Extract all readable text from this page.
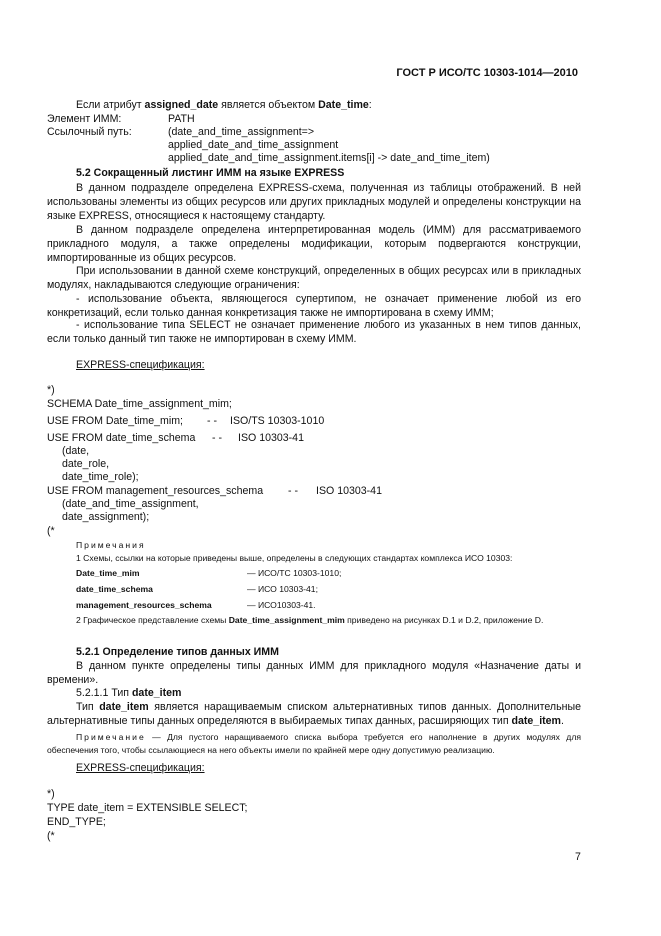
ГОСТ Р ИСО/ТС 10303-1014—2010
Если атрибут assigned_date является объектом Date_time:
Элемент ИММ:	PATH
Ссылочный путь:	(date_and_time_assignment=>
applied_date_and_time_assignment
applied_date_and_time_assignment.items[i] -> date_and_time_item)
5.2 Сокращенный листинг ИММ на языке EXPRESS
В данном подразделе определена EXPRESS-схема, полученная из таблицы отображений. В ней использованы элементы из общих ресурсов или других прикладных модулей и определены конструкции на языке EXPRESS, относящиеся к настоящему стандарту.
В данном подразделе определена интерпретированная модель (ИММ) для рассматриваемого прикладного модуля, а также определены модификации, которым подвергаются конструкции, импортированные из общих ресурсов.
При использовании в данной схеме конструкций, определенных в общих ресурсах или в прикладных модулях, накладываются следующие ограничения:
- использование объекта, являющегося супертипом, не означает применение любой из его конкретизаций, если только данная конкретизация также не импортирована в схему ИММ;
- использование типа SELECT не означает применение любого из указанных в нем типов данных, если только данный тип также не импортирован в схему ИММ.
EXPRESS-спецификация:
*)
SCHEMA Date_time_assignment_mim;
USE FROM Date_time_mim; - - ISO/TS 10303-1010
USE FROM date_time_schema - - ISO 10303-41
(date,
date_role,
date_time_role);
USE FROM management_resources_schema - - ISO 10303-41
(date_and_time_assignment,
date_assignment);
(*
Примечания
1 Схемы, ссылки на которые приведены выше, определены в следующих стандартах комплекса ИСО 10303:
Date_time_mim	— ИСО/ТС 10303-1010;
date_time_schema	— ИСО 10303-41;
management_resources_schema	— ИСО10303-41.
2 Графическое представление схемы Date_time_assignment_mim приведено на рисунках D.1 и D.2, приложение D.
5.2.1 Определение типов данных ИММ
В данном пункте определены типы данных ИММ для прикладного модуля «Назначение даты и времени».
5.2.1.1 Тип date_item
Тип date_item является наращиваемым списком альтернативных типов данных. Дополнительные альтернативные типы данных определяются в выбираемых типах данных, расширяющих тип date_item.
Примечание — Для пустого наращиваемого списка выбора требуется его наполнение в других модулях для обеспечения того, чтобы ссылающиеся на него объекты имели по крайней мере одну допустимую реализацию.
EXPRESS-спецификация:
*)
TYPE date_item = EXTENSIBLE SELECT;
END_TYPE;
(*
7
